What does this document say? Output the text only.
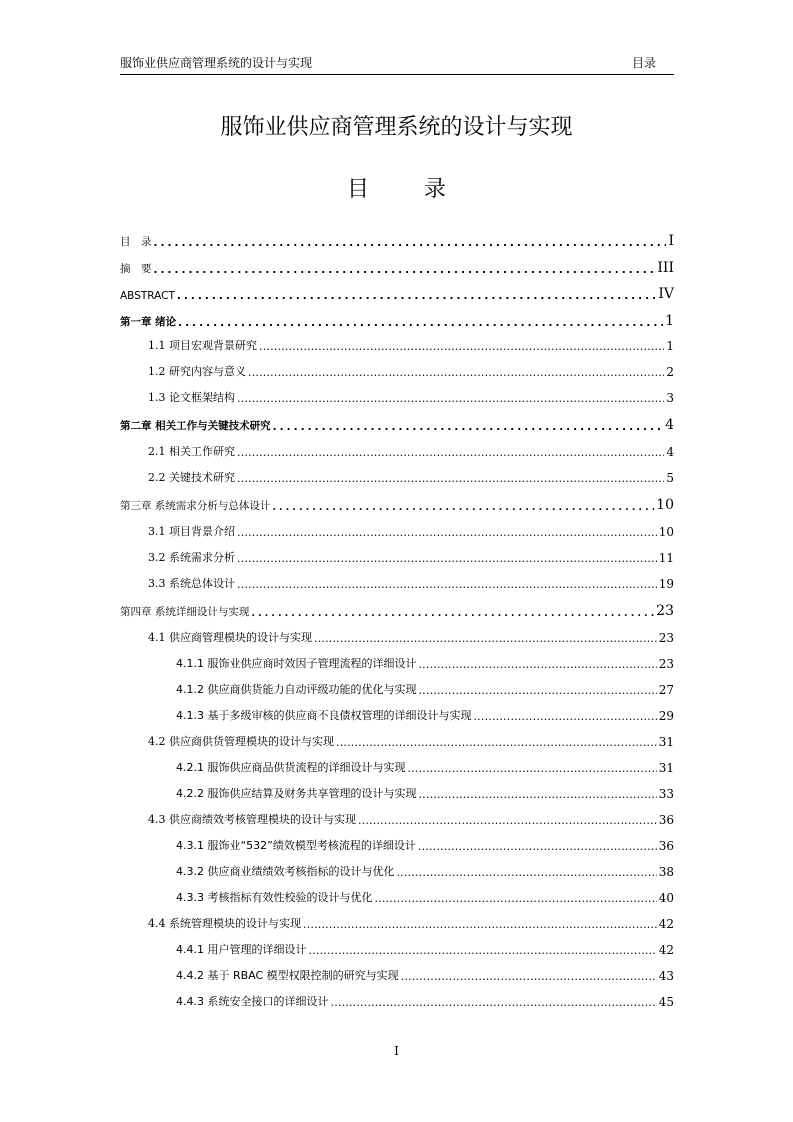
服饰业供应商管理系统的设计与实现	目录
服饰业供应商管理系统的设计与实现
目 录
目　录 .....	I
摘　要 .....	III
ABSTRACT .....	IV
第一章 绪论 .....	1
1.1 项目宏观背景研究 .....	1
1.2 研究内容与意义 .....	2
1.3 论文框架结构 .....	3
第二章 相关工作与关键技术研究 .....	4
2.1 相关工作研究 .....	4
2.2 关键技术研究 .....	5
第三章 系统需求分析与总体设计 .....	10
3.1 项目背景介绍 .....	10
3.2 系统需求分析 .....	11
3.3 系统总体设计 .....	19
第四章 系统详细设计与实现 .....	23
4.1 供应商管理模块的设计与实现 .....	23
4.1.1 服饰业供应商时效因子管理流程的详细设计 .....	23
4.1.2 供应商供货能力自动评级功能的优化与实现 .....	27
4.1.3 基于多级审核的供应商不良债权管理的详细设计与实现 .....	29
4.2 供应商供货管理模块的设计与实现 .....	31
4.2.1 服饰供应商品供货流程的详细设计与实现 .....	31
4.2.2 服饰供应结算及财务共享管理的设计与实现 .....	33
4.3 供应商绩效考核管理模块的设计与实现 .....	36
4.3.1 服饰业“532”绩效模型考核流程的详细设计 .....	36
4.3.2 供应商业绩绩效考核指标的设计与优化 .....	38
4.3.3 考核指标有效性校验的设计与优化 .....	40
4.4 系统管理模块的设计与实现 .....	42
4.4.1 用户管理的详细设计 .....	42
4.4.2 基于 RBAC 模型权限控制的研究与实现 .....	43
4.4.3 系统安全接口的详细设计 .....	45
I
